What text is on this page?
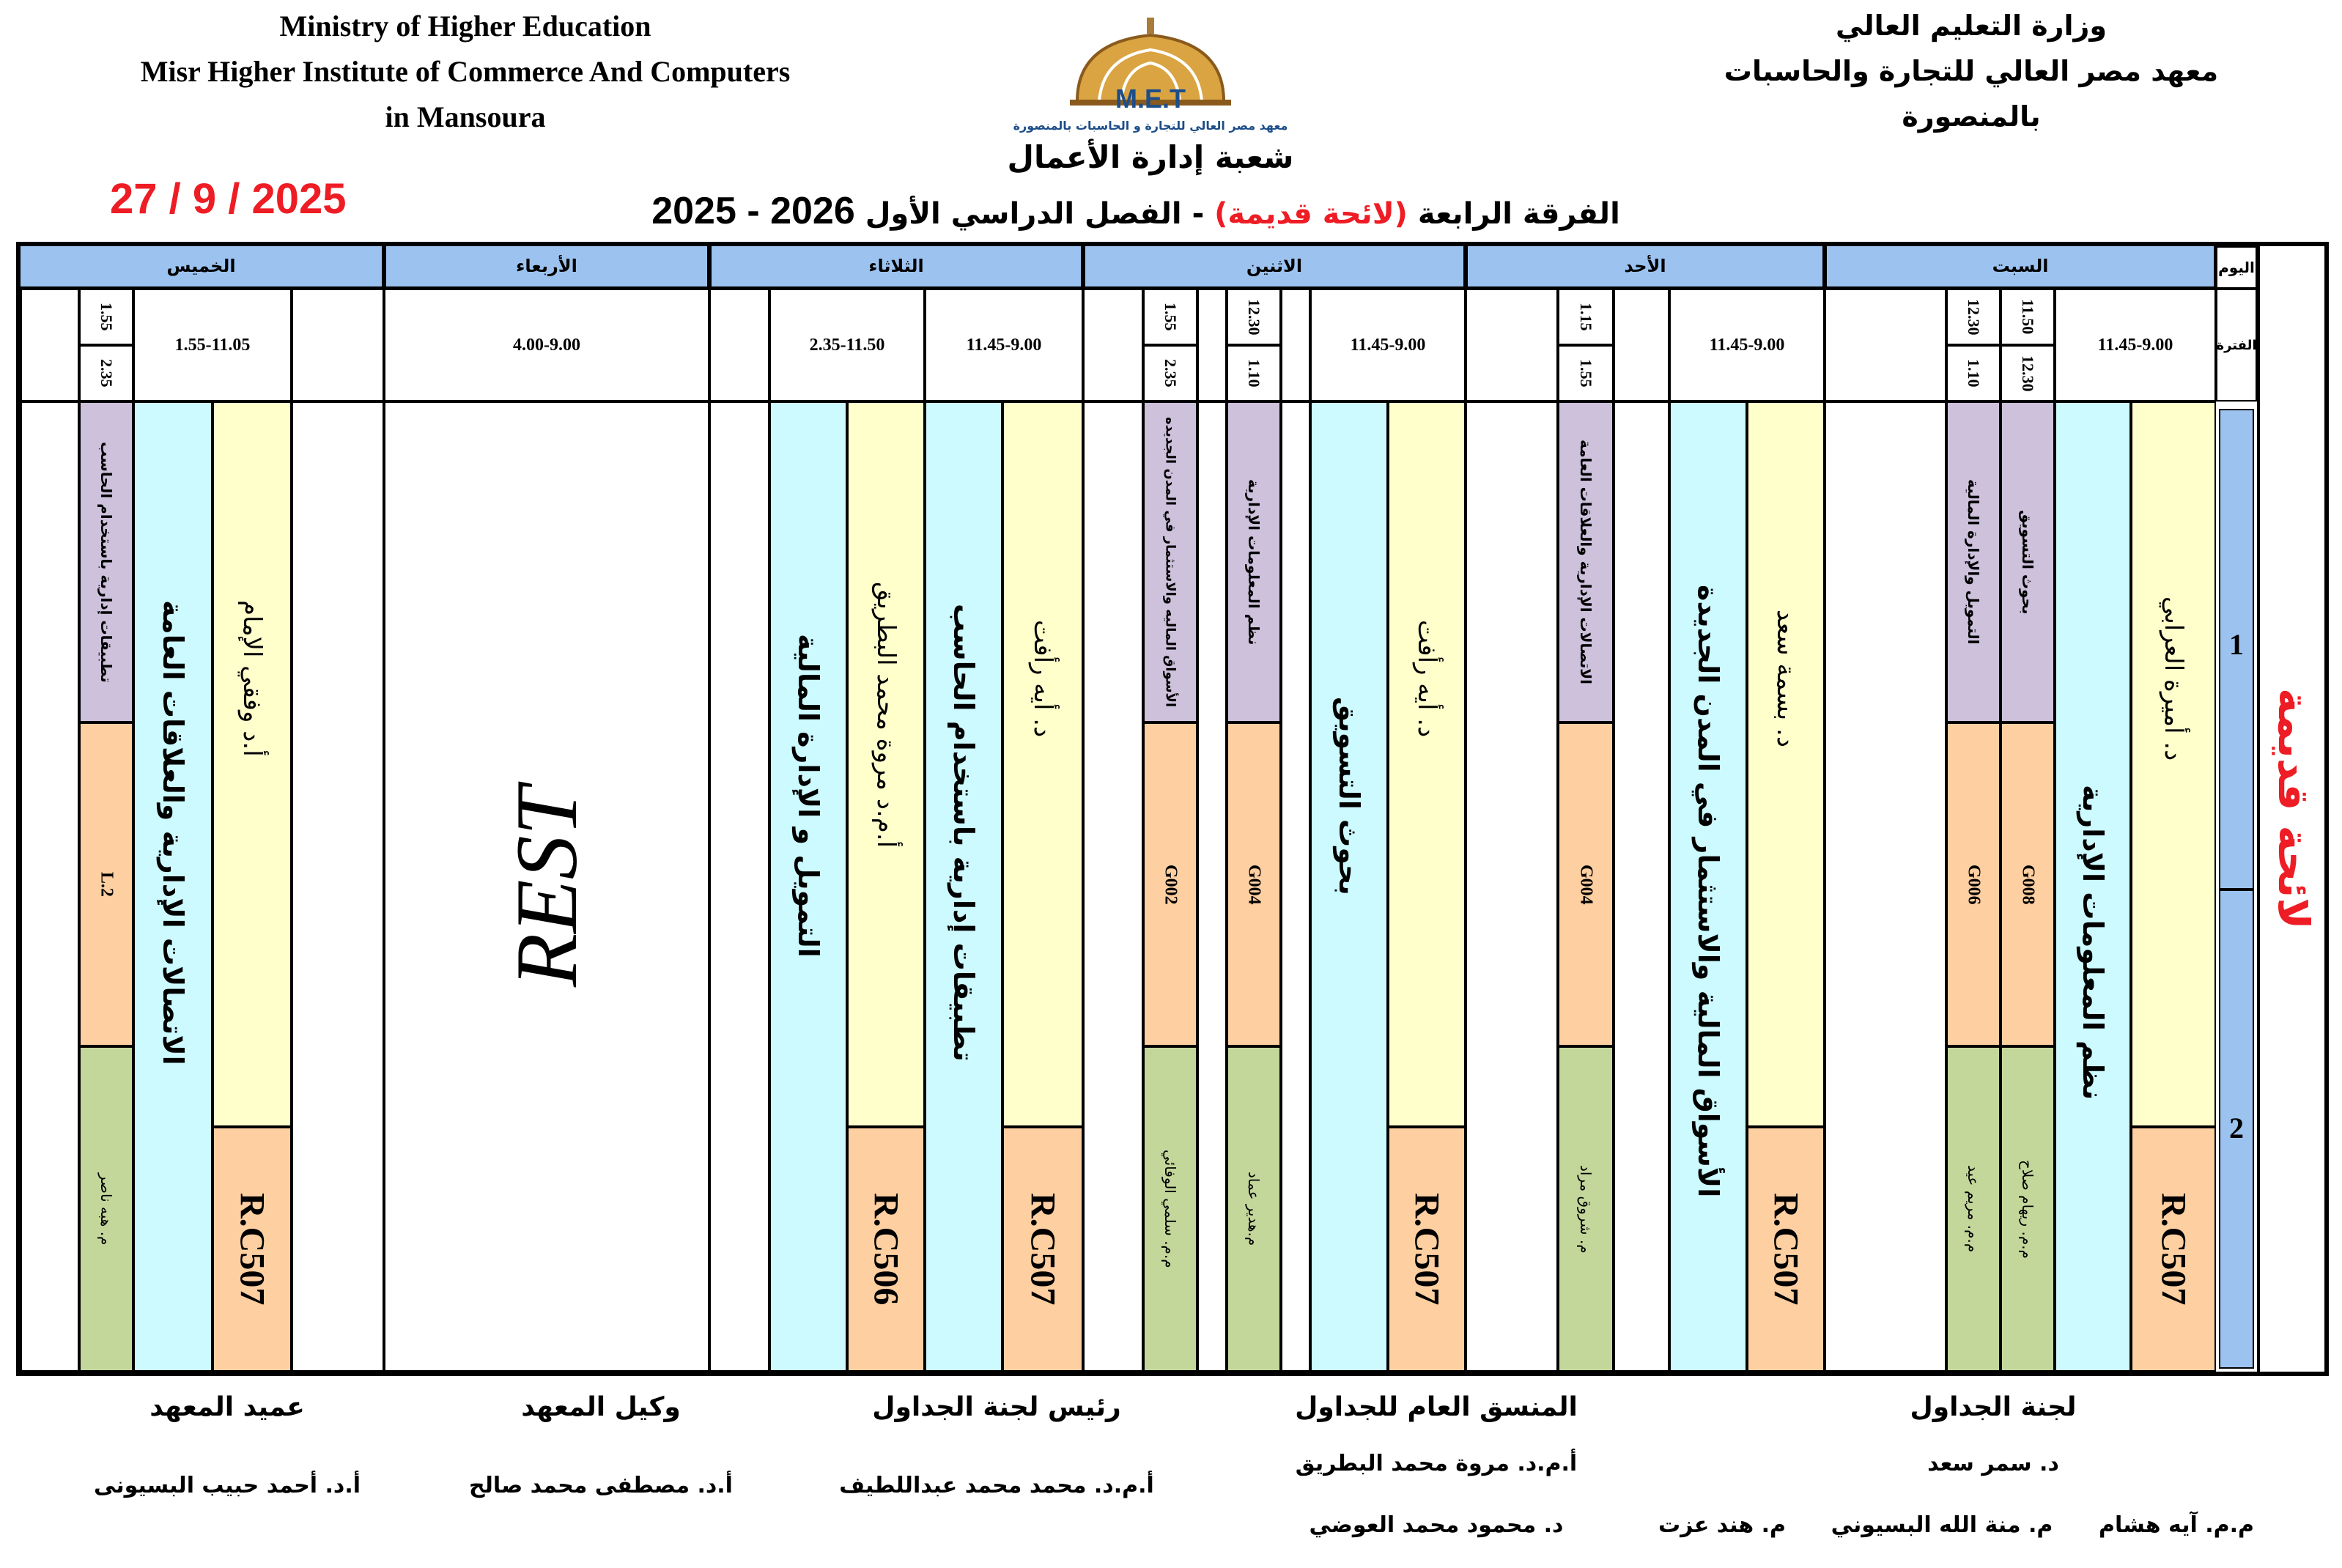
Ministry of Higher Education
Misr Higher Institute of Commerce And Computers
in Mansoura
وزارة التعليم العالي
معهد مصر العالي للتجارة والحاسبات
بالمنصورة
M.E.T
معهد مصر العالي للتجارة و الحاسبات بالمنصورة
شعبة إدارة الأعمال
الفرقة الرابعة (لائحة قديمة) - الفصل الدراسي الأول 2025 - 2026
27 / 9 / 2025
لائحة قديمة
اليوم
الفترة
1
2
السبت
11.45-9.00
11.50
12.30
12.30
1.10
د. أميرة العرابي
R.C507
نظم المعلومات الإدارية
بحوث التسويق
G008
م.م. ريهام صلاح
التمويل والإدارة المالية
G006
م.م. مريم عيد
الأحد
11.45-9.00
1.15
1.55
د. بسمة سعد
R.C507
الأسواق المالية والاستثمار في المدن الجديدة
الاتصالات الإدارية والعلاقات العامة
G004
م. شروق مراد
الاثنين
11.45-9.00
12.30
1.10
1.55
2.35
د. أيه رأفت
R.C507
بحوث التسويق
نظم المعلومات الإدارية
G004
م.هدير عماد
الأسواق الماليه والاستثمار في المدن الجديده
G002
م.م. سلمي الوفائي
الثلاثاء
11.45-9.00
2.35-11.50
د. أيه رأفت
R.C507
تطبيقات إدارية باستخدام الحاسب
أ.م.د مروة محمد البطريق
R.C506
التمويل و الإدارة المالية
الأربعاء
4.00-9.00
REST
الخميس
1.55-11.05
1.55
2.35
أ.د وفقي الإمام
R.C507
الاتصالات الإدارية والعلاقات العامة
تطبيقات إدارية باستخدام الحاسب
L.2
م. هبه ناصر
لجنة الجداول
د. سمر سعد
م.م. آيه هشام
م. منة الله البسيوني
م. هند عزت
المنسق العام للجداول
أ.م.د. مروة محمد البطريق
د. محمود محمد العوضي
رئيس لجنة الجداول
أ.م.د. محمد محمد عبداللطيف
وكيل المعهد
أ.د. مصطفى محمد صالح
عميد المعهد
أ.د. أحمد حبيب البسيونى
